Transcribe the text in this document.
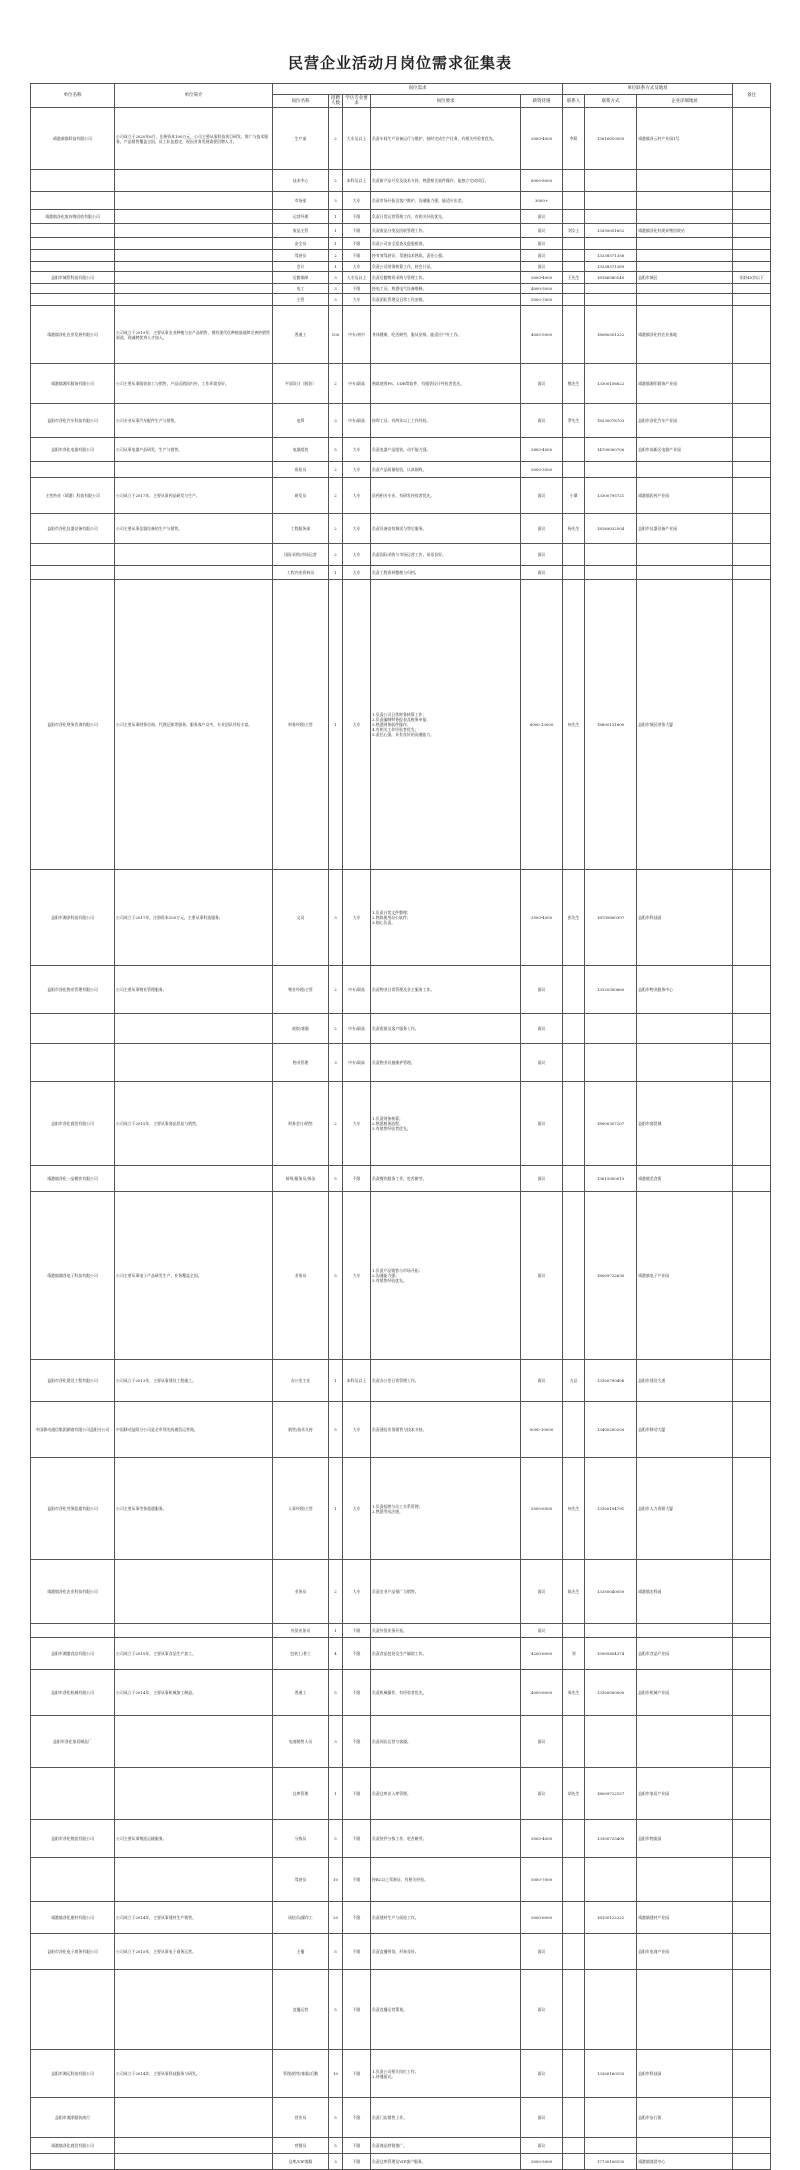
民营企业活动月岗位需求征集表
单位名称	单位简介	岗位需求					单位联系方式及地址			备注
		岗位名称	招聘人数	学历专业要求	岗位要求	薪资待遇	联系人	联系方式	企业详细地址	
靖港新都科技有限公司	公司成立于2020年6月，注册资本100万元，公司主要从事科技项目研发、推广与技术服务，产品销售覆盖全国，员工队伍稳定，现因业务发展需要招聘人才。	生产部	2	大专及以上	负责车间生产设备运行与维护，按时完成生产任务，有相关经验者优先。	3000-4000	李莉	13616010550	靖港镇净云村产业园1号	
		技术中心	2	本科及以上	负责新产品开发及技术支持，熟悉相关软件操作，能独立完成项目。	6000-8000				
		市场部	3	大专	负责市场开拓及客户维护，沟通能力强，能适应出差。	3000+				
靖港镇净化废弃物回收有限公司		运营经理	1	不限	负责日常运营管理工作，有相关经验优先。	面议				
		废品主管	1	不限	负责废品分类及回收管理工作。	面议	刘女士	13395051652	靖港镇净化村废弃物回收站	
		安全员	1	不限	负责公司安全巡查及隐患排查。	面议				
		驾驶员	2	不限	持有效驾驶证，驾驶技术熟练，责任心强。	面议		13338571356		
		会计	1	大专	负责公司财务核算工作，持会计证。	面议		13338571389		
益阳市城管科技有限公司		后勤保障	3	大专及以上	负责后勤物资采购与管理工作。	3000-4000	王先生	18186580140	益阳市城区	年龄45岁以下
		电工	3	不限	持电工证，熟悉电气设备维修。	4000-5000				
		主管	3	大专	负责团队管理及日常工作安排。	5000-7000				
靖港镇净化农业发展有限公司	公司成立于2019年，主要从事农业种植与农产品销售，拥有现代化种植基地和完善的销售渠道，现诚聘优秀人才加入。	普通工	100	中专/初中	身体健康，吃苦耐劳，服从安排，能适应户外工作。	4000-5000		18080301222	靖港镇净化村农业基地	
靖港镇湘军服饰有限公司	公司主要从事服装加工与销售，产品远销国内外，工作环境良好。	平面设计（服装）	2	中专/职高	熟练使用PS、CDR等软件，有服装设计经验者优先。	面议	熊先生	13300156622	靖港镇湘军服饰产业园	
益阳市净化汽车科技有限公司	公司专业从事汽车配件生产与销售。	电焊	3	中专/职高	持焊工证，有两年以上工作经验。	面议	罗先生	18330078703	益阳市净化汽车产业园	
益阳市净化电器有限公司	公司从事电器产品研发、生产与销售。	电器组装	5	大专	负责电器产品组装，动手能力强。	3800-4500		14700000700	益阳市高新区电器产业园	
		质检员	2	大专	负责产品质量检验，认真细致。	3000-3500				
主营药业（靖港）科技有限公司	公司成立于2017年，主要从事药品研发与生产。	研发员	2	大专	医药相关专业，有研发经验者优先。	面议	小谭	13300795721	靖港镇医药产业园	
益阳市净化仪器设备有限公司	公司主要从事仪器设备的生产与销售。	工程服务部	2	大专	负责设备安装调试与售后服务。	面议	杨先生	18169032504	益阳市仪器设备产业园	
		国际采购/市场运营	2	大专	负责国际采购与市场运营工作，英语良好。	面议				
		工程内业资料员	1	大专	负责工程资料整理与归档。	面议				
益阳市净化财务咨询有限公司	公司主要从事财务咨询、代理记账等服务，服务客户众多，专业团队经验丰富。	财务经理/主管	1	大专	1.负责公司日常财务核算工作；
2.负责编制财务报表及税务申报；
3.熟悉财务软件操作；
4.有相关工作经验者优先；
5.责任心强，具有良好的沟通能力。	8000-13000	何先生	18800131600	益阳市城区财务大厦	
益阳市湘净科技有限公司	公司成立于2017年，注册资本100万元，主要从事科技服务。	文员	3	大专	1.负责日常文件整理；
2.熟练使用办公软件；
3.细心负责。	3500-4500	彭先生	18705800397	益阳市科技园	
益阳市净化物业管理有限公司	公司主要从事物业管理服务。	物业经理/主管	2	中专/职高	负责物业日常管理及业主服务工作。	面议		13320300660	益阳市物业服务中心	
		收银/客服	2	中专/职高	负责收银及客户服务工作。	面议				
		物业管理	3	中专/职高	负责物业设施维护管理。	面议				
益阳市净化商贸有限公司	公司成立于2015年，主要从事商品贸易与销售。	财务会计/销售	2	大专	1.负责财务核算；
2.熟悉税务流程；
3.有销售经验者优先。	面议		18900307207	益阳市商贸城	
靖港镇净化一品餐饮有限公司		厨师/服务员/保洁	5	不限	负责餐饮服务工作，吃苦耐劳。	面议		13615900015	靖港镇美食街	
靖港镇湘净电子科技有限公司	公司主要从事电子产品研发生产，业务覆盖全国。	业务员	5	大专	1.负责产品销售与市场开拓；
2.沟通能力强；
3.有销售经验优先。	面议		18009722630	靖港镇电子产业园	
益阳市净化建设工程有限公司	公司成立于2013年，主要从事建设工程施工。	办公室主任	1	本科及以上	负责办公室日常管理工作。	面议	方总	13300790406	益阳市建设大道	
中国移动通信集团湖南有限公司益阳分公司	中国移动益阳分公司是全市领先的通信运营商。	销售/技术支持	5	大专	负责通信业务销售与技术支持。	5000-10000		13400200200	益阳市移动大厦	
益阳市净化劳务派遣有限公司	公司主要从事劳务派遣服务。	人事经理/主管	1	大专	1.负责招聘与员工关系管理；
2.熟悉劳动法规。	5500-6500	何先生	13300104791	益阳市人力资源大厦	
靖港镇净化农业科技有限公司		业务员	2	大专	负责农业产品推广与销售。	面议	陈先生	13350040050	靖港镇农科园	
		外贸业务员	1	不限	负责外贸业务开拓。	面议				
益阳市湘港食品有限公司	公司成立于2015年，主要从事食品生产加工。	包装工/普工	4	不限	负责食品包装及生产辅助工作。	4200-6000	刘	15905804374	益阳市食品产业园	
益阳市净化机械有限公司	公司成立于2014年，主要从事机械加工制造。	普通工	5	不限	负责机械操作，有经验者优先。	4000-6000	周先生	13300000000	益阳市机械产业园	
益阳市净化家居制品厂		电商销售人员	3	不限	负责网店运营与客服。	面议				
		仓库管理	1	不限	负责仓库出入库管理。	面议	胡先生	18009722157	益阳市家居产业园	
益阳市净化物流有限公司	公司主要从事物流运输服务。	分拣员	5	不限	负责快件分拣工作，吃苦耐劳。	3000-4000		13300725400	益阳市物流园	
		驾驶员	10	不限	持B2以上驾驶证，有相关经验。	5000-7000				
靖港镇净化建材有限公司	公司成立于2014年，主要从事建材生产销售。	质检员/操作工	20	不限	负责建材生产与质检工作。	3000-6000		18100122222	靖港镇建材产业园	
益阳市净化电子商务有限公司	公司成立于2015年，主要从事电子商务运营。	主播	5	不限	负责直播带货，形象良好。	面议			益阳市电商产业园	
		直播运营	5	不限	负责直播运营策划。	面议				
益阳市湘运科技有限公司	公司成立于2014年，主要从事科技服务与研发。	管理/销售/客服/后勤	10	不限	1.负责公司相关岗位工作；
2.待遇面议。	面议		13300160155	益阳市科技园	
益阳市湘净服装商行		营业员	5	不限	负责门店销售工作。	面议			益阳市步行街	
靖港镇净化商贸有限公司		营销员	5	不限	负责商品营销推广。	面议				
		仓库/VIP客服	3	不限	负责仓库管理及VIP客户服务。	3000-5000		17730106100	靖港镇商贸中心	
